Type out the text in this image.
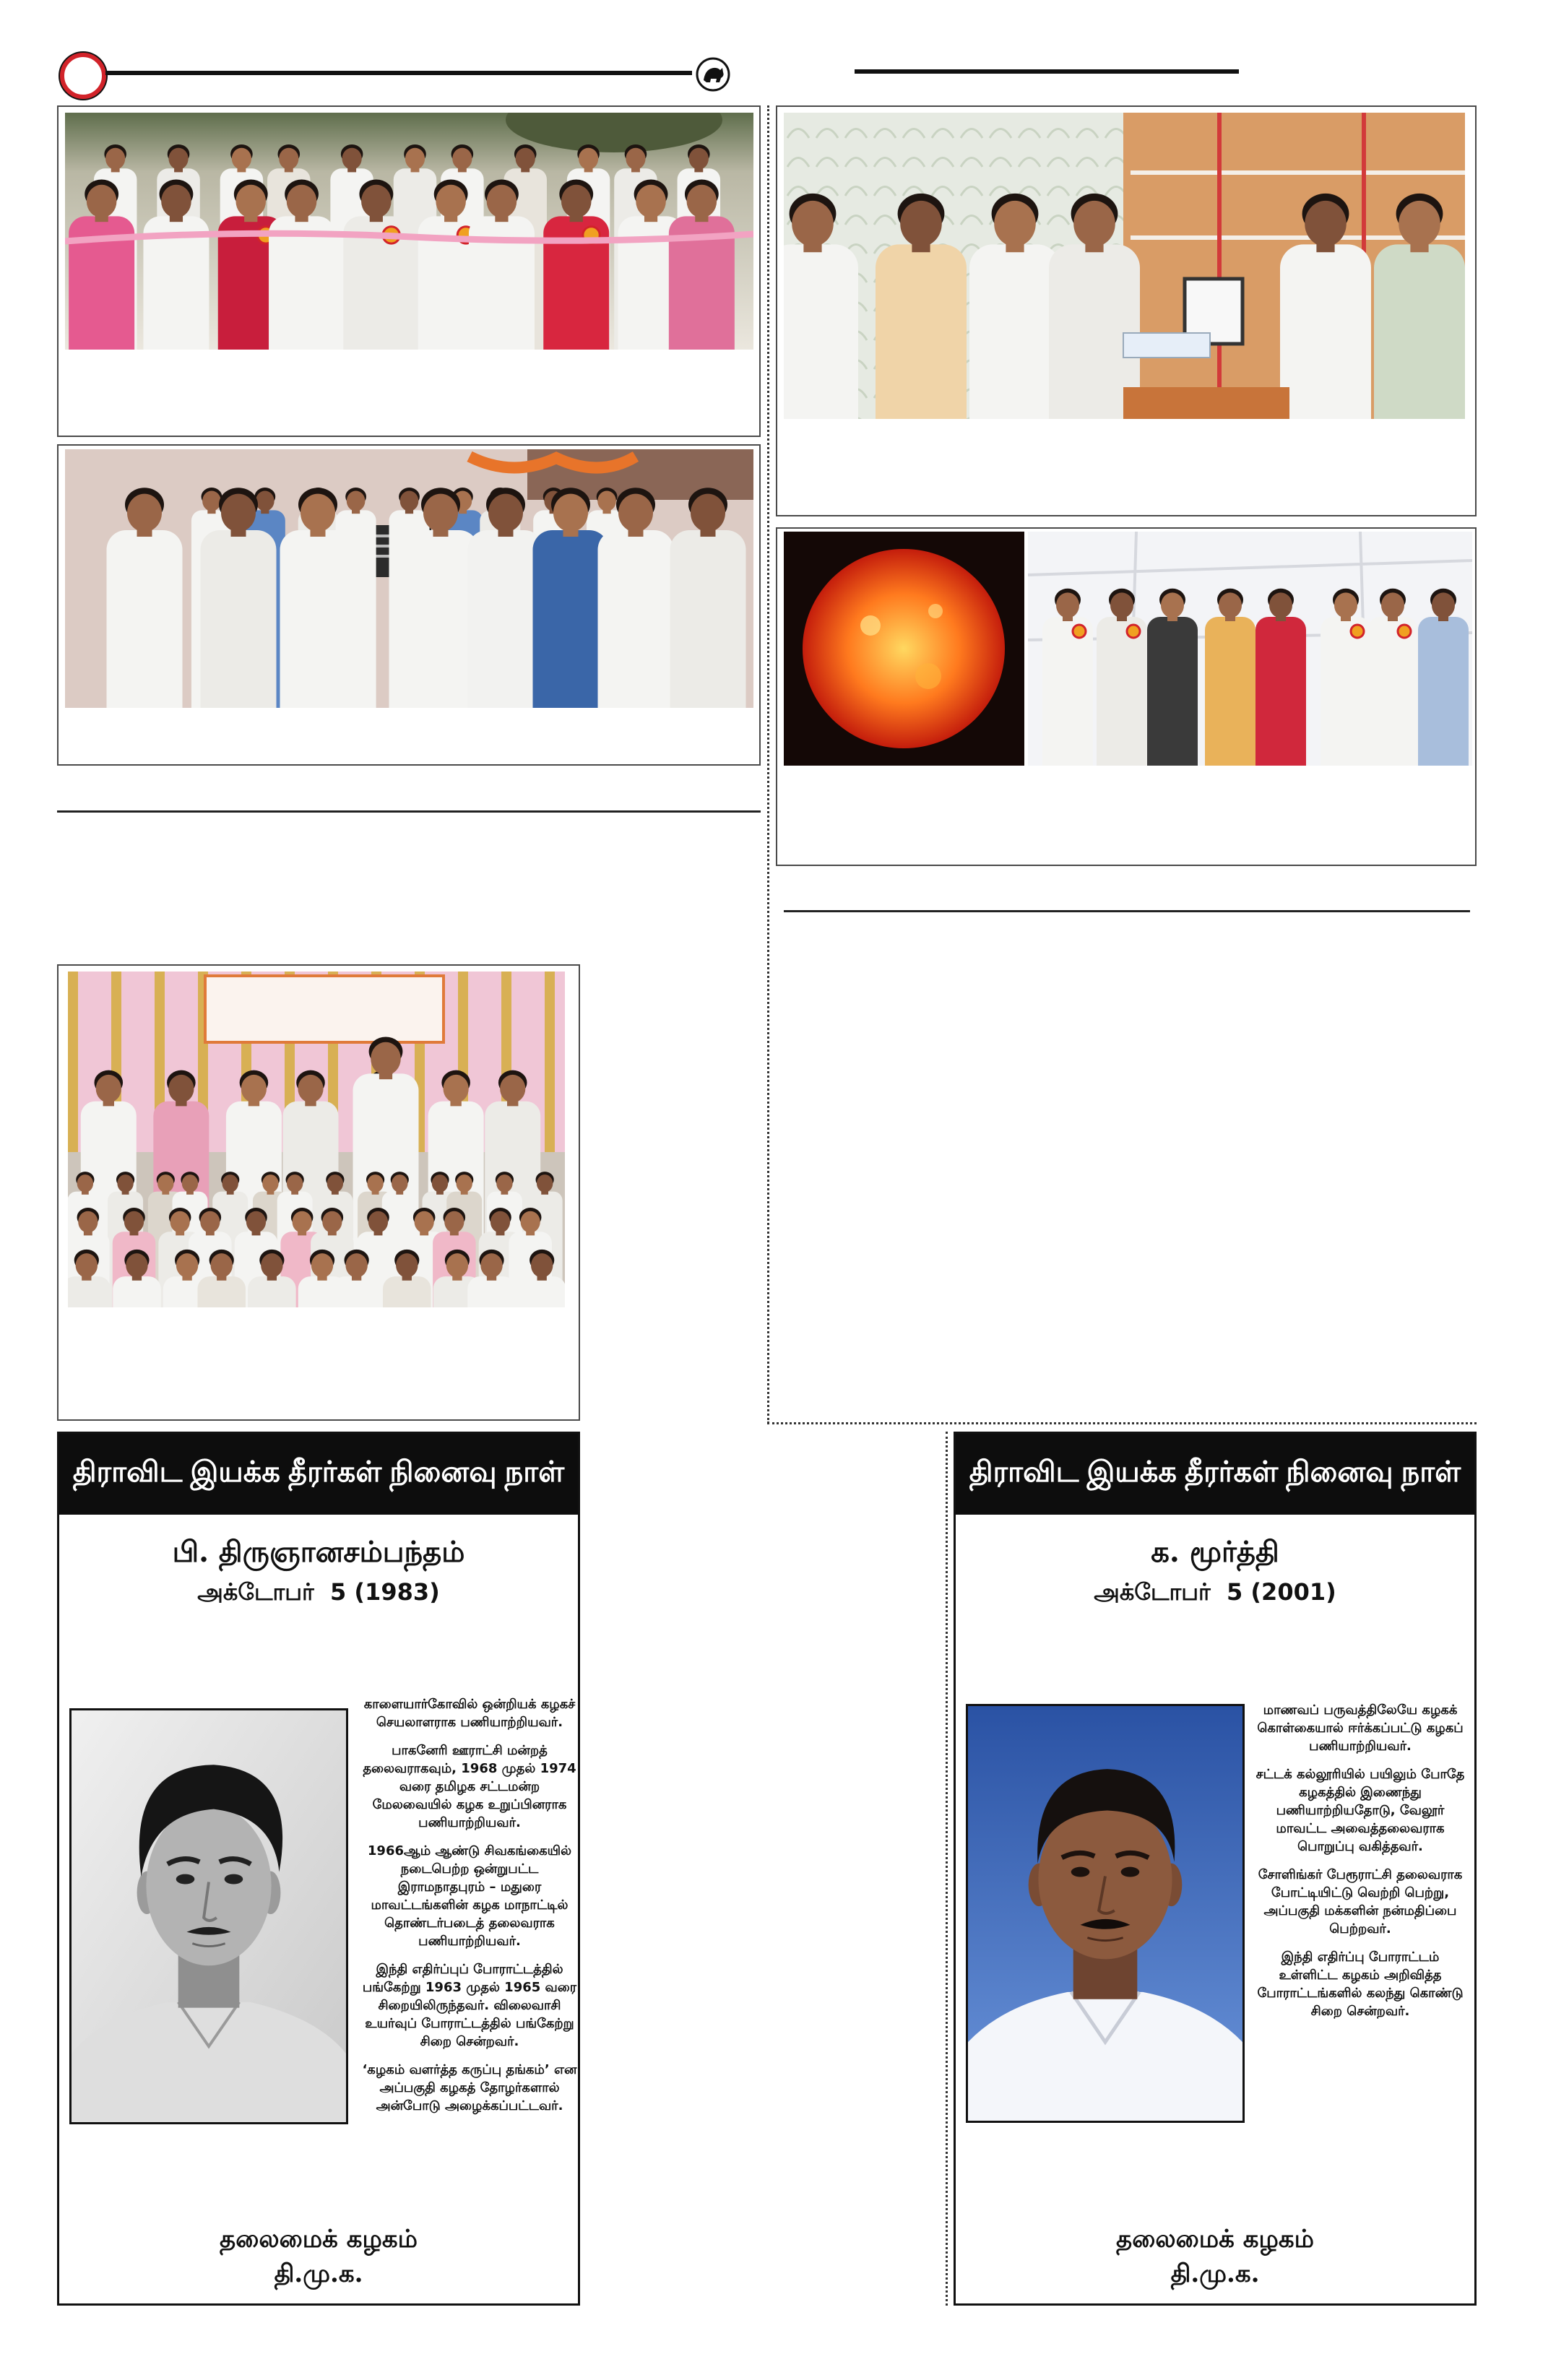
திராவிட இயக்க தீரர்கள் நினைவு நாள்
பி. திருஞானசம்பந்தம்
அக்டோபர்  5 (1983)

காளையார்கோவில் ஒன்றியக் கழகச் செயலாளராக பணியாற்றியவர்.

பாகனேரி ஊராட்சி மன்றத் தலைவராகவும், 1968 முதல் 1974 வரை தமிழக சட்டமன்ற மேலவையில் கழக உறுப்பினராக பணியாற்றியவர்.

1966ஆம் ஆண்டு சிவகங்கையில் நடைபெற்ற ஒன்றுபட்ட இராமநாதபுரம் – மதுரை மாவட்டங்களின் கழக மாநாட்டில் தொண்டர்படைத் தலைவராக பணியாற்றியவர்.

இந்தி எதிர்ப்புப் போராட்டத்தில் பங்கேற்று 1963 முதல் 1965 வரை சிறையிலிருந்தவர். விலைவாசி உயர்வுப் போராட்டத்தில் பங்கேற்று சிறை சென்றவர்.

‘கழகம் வளர்த்த கருப்பு தங்கம்’ என அப்பகுதி கழகத் தோழர்களால் அன்போடு அழைக்கப்பட்டவர்.

தலைமைக் கழகம்
தி.மு.க.
திராவிட இயக்க தீரர்கள் நினைவு நாள்
க. மூர்த்தி
அக்டோபர்  5 (2001)

மாணவப் பருவத்திலேயே கழகக் கொள்கையால் ஈர்க்கப்பட்டு கழகப் பணியாற்றியவர்.

சட்டக் கல்லூரியில் பயிலும் போதே கழகத்தில் இணைந்து பணியாற்றியதோடு, வேலூர் மாவட்ட அவைத்தலைவராக பொறுப்பு வகித்தவர்.

சோளிங்கர் பேரூராட்சி தலைவராக போட்டியிட்டு வெற்றி பெற்று, அப்பகுதி மக்களின் நன்மதிப்பை பெற்றவர்.

இந்தி எதிர்ப்பு போராட்டம் உள்ளிட்ட கழகம் அறிவித்த போராட்டங்களில் கலந்து கொண்டு சிறை சென்றவர்.

தலைமைக் கழகம்
தி.மு.க.
